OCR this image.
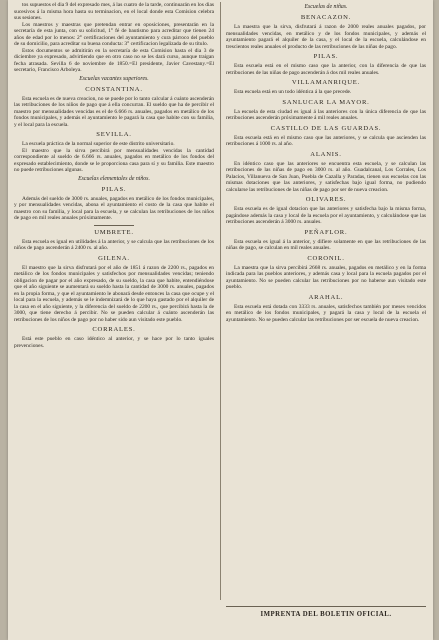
tos supuestos el dia 9 del expresado mes, á las cuatro de la tarde, continuarán en los dias sucesivos á la misma hora hasta su terminacion, en el local donde esta Comision celebra sus sesiones.

Los maestros y maestras que pretendan entrar en oposiciones, presentarán en la secretaría de esta junta, con su solicitud, 1° fé de bautismo para acreditar que tienen 24 años de edad por lo menos: 2° certificaciones del ayuntamiento y cura párroco del pueblo de su domicilio, para acreditar su buena conducta: 3° certificacion legalizada de su título.

Estos documentos se admitirán en la secretaría de esta Comision hasta el dia 3 de diciembre ya expresado, advirtiendo que en otro caso no se les dará curso, aunque traigan fecha atrasada. Sevilla 6 de noviembre de 1850.=El presidente, Javier Cavestany.=El secretario, Francisco Arboleya.

Escuelas vacantes superiores.
CONSTANTINA.

Esta escuela es de nueva creacion, no se puede por lo tanto calcular á cuánto ascenderán las retribuciones de los niños de pago que á ella concurran. El sueldo que ha de percibir el maestro por mensualidades vencidas es el de 6.666 rs. anuales, pagados en metálico de los fondos municipales, y además el ayuntamiento le pagará la casa que habite con su familia, y el local para la escuela.

SEVILLA.

La escuela práctica de la normal superior de este distrito universitario.

El maestro que la sirva percibirá por mensualidades vencidas la cantidad correspondiente al sueldo de 6.666 rs. anuales, pagados en metálico de los fondos del expresado establecimiento, donde se le proporciona casa para sí y su familia. Este maestro no puede retribuciones algunas.

Escuelas elementales de niños.
PILAS.

Además del sueldo de 3000 rs. anuales, pagados en metálico de los fondos municipales, y por mensualidades vencidas, abona el ayuntamiento el costo de la casa que habite el maestro con su familia, y local para la escuela, y se calculan las retribuciones de los niños de pago en mil reales anuales próximamente.

UMBRETE.

Esta escuela es igual en utilidades á la anterior, y se calcula que las retribuciones de los niños de pago ascenderán á 2400 rs. al año.

GILENA.

El maestro que la sirva disfrutará por el año de 1851 á razon de 2200 rs., pagados en metálico de los fondos municipales y satisfechos por mensualidades vencidas; teniendo obligacion de pagar por el año expresado, de su sueldo, la casa que habite, entendiéndose que el año siguiente se aumentará su sueldo hasta la cantidad de 3000 rs. anuales, pagados en la propia forma, y que el ayuntamiento le abonará desde entonces la casa que ocupe y el local para la escuela, y además se le indemnizará de lo que haya gastado por el alquiler de la casa en el año siguiente, y la diferencia del sueldo de 2200 rs., que percibirá hasta la de 3000, que tiene derecho á percibir. No se pueden calcular á cuánto ascenderán las retribuciones de los niños de pago por no haber sido aun visitado este pueblo.

CORRALES.

Está este pueblo en caso idéntico al anterior, y se hace por lo tanto iguales prevenciones.

Escuelas de niñas.
BENACAZON.

La maestra que la sirva, disfrutará á razon de 2000 reales anuales pagados, por mensualidades vencidas, en metálico y de los fondos municipales, y además el ayuntamiento pagará el alquiler de la casa, y el local de la escuela, calculándose en trescientos reales anuales el producto de las retribuciones de las niñas de pago.

PILAS.

Esta escuela está en el mismo caso que la anterior, con la diferencia de que las retribuciones de las niñas de pago ascenderán á dos mil reales anuales.

VILLAMANRIQUE.

Esta escuela está en un todo idéntica á la que precede.

SANLUCAR LA MAYOR.

La escuela de esta ciudad es igual á las anteriores con la única diferencia de que las retribuciones ascenderán próximamente á mil reales anuales.

CASTILLO DE LAS GUARDAS.

Esta escuela está en el mismo caso que las anteriores, y se calcula que ascienden las retribuciones á 1000 rs. al año.

ALANIS.

En idéntico caso que las anteriores se encuentra esta escuela, y se calculan las retribuciones de las niñas de pago en 3000 rs. al año. Guadalcanal, Los Corrales, Los Palacios, Villanueva de San Juan, Puebla de Cazalla y Paradas, tienen sus escuelas con las mismas dotaciones que las anteriores, y satisfechas bajo igual forma, no pudiendo calcularse las retribuciones de las niñas de pago por ser de nueva creacion.

OLIVARES.

Esta escuela es de igual dotacion que las anteriores y satisfecha bajo la misma forma, pagándose además la casa y local de la escuela por el ayuntamiento, y calculándose que las retribuciones ascenderán á 3000 rs. anuales.

PEÑAFLOR.

Esta escuela es igual á la anterior, y difiere solamente en que las retribuciones de las niñas de pago, se calculan en mil reales anuales.

CORONIL.

La maestra que la sirva percibirá 2668 rs. anuales, pagados en metálico y en la forma indicada para las pueblos anteriores, y además casa y local para la escuela pagados por el ayuntamiento. No se pueden calcular las retribuciones por no haberse aun visitado este pueblo.

ARAHAL.

Esta escuela está dotada con 3333 rs. anuales, satisfechos también por meses vencidos en metálico de los fondos municipales, y pagará la casa y local de la escuela el ayuntamiento. No se pueden calcular las retribuciones por ser escuela de nueva creacion.

IMPRENTA DEL BOLETIN OFICIAL.
